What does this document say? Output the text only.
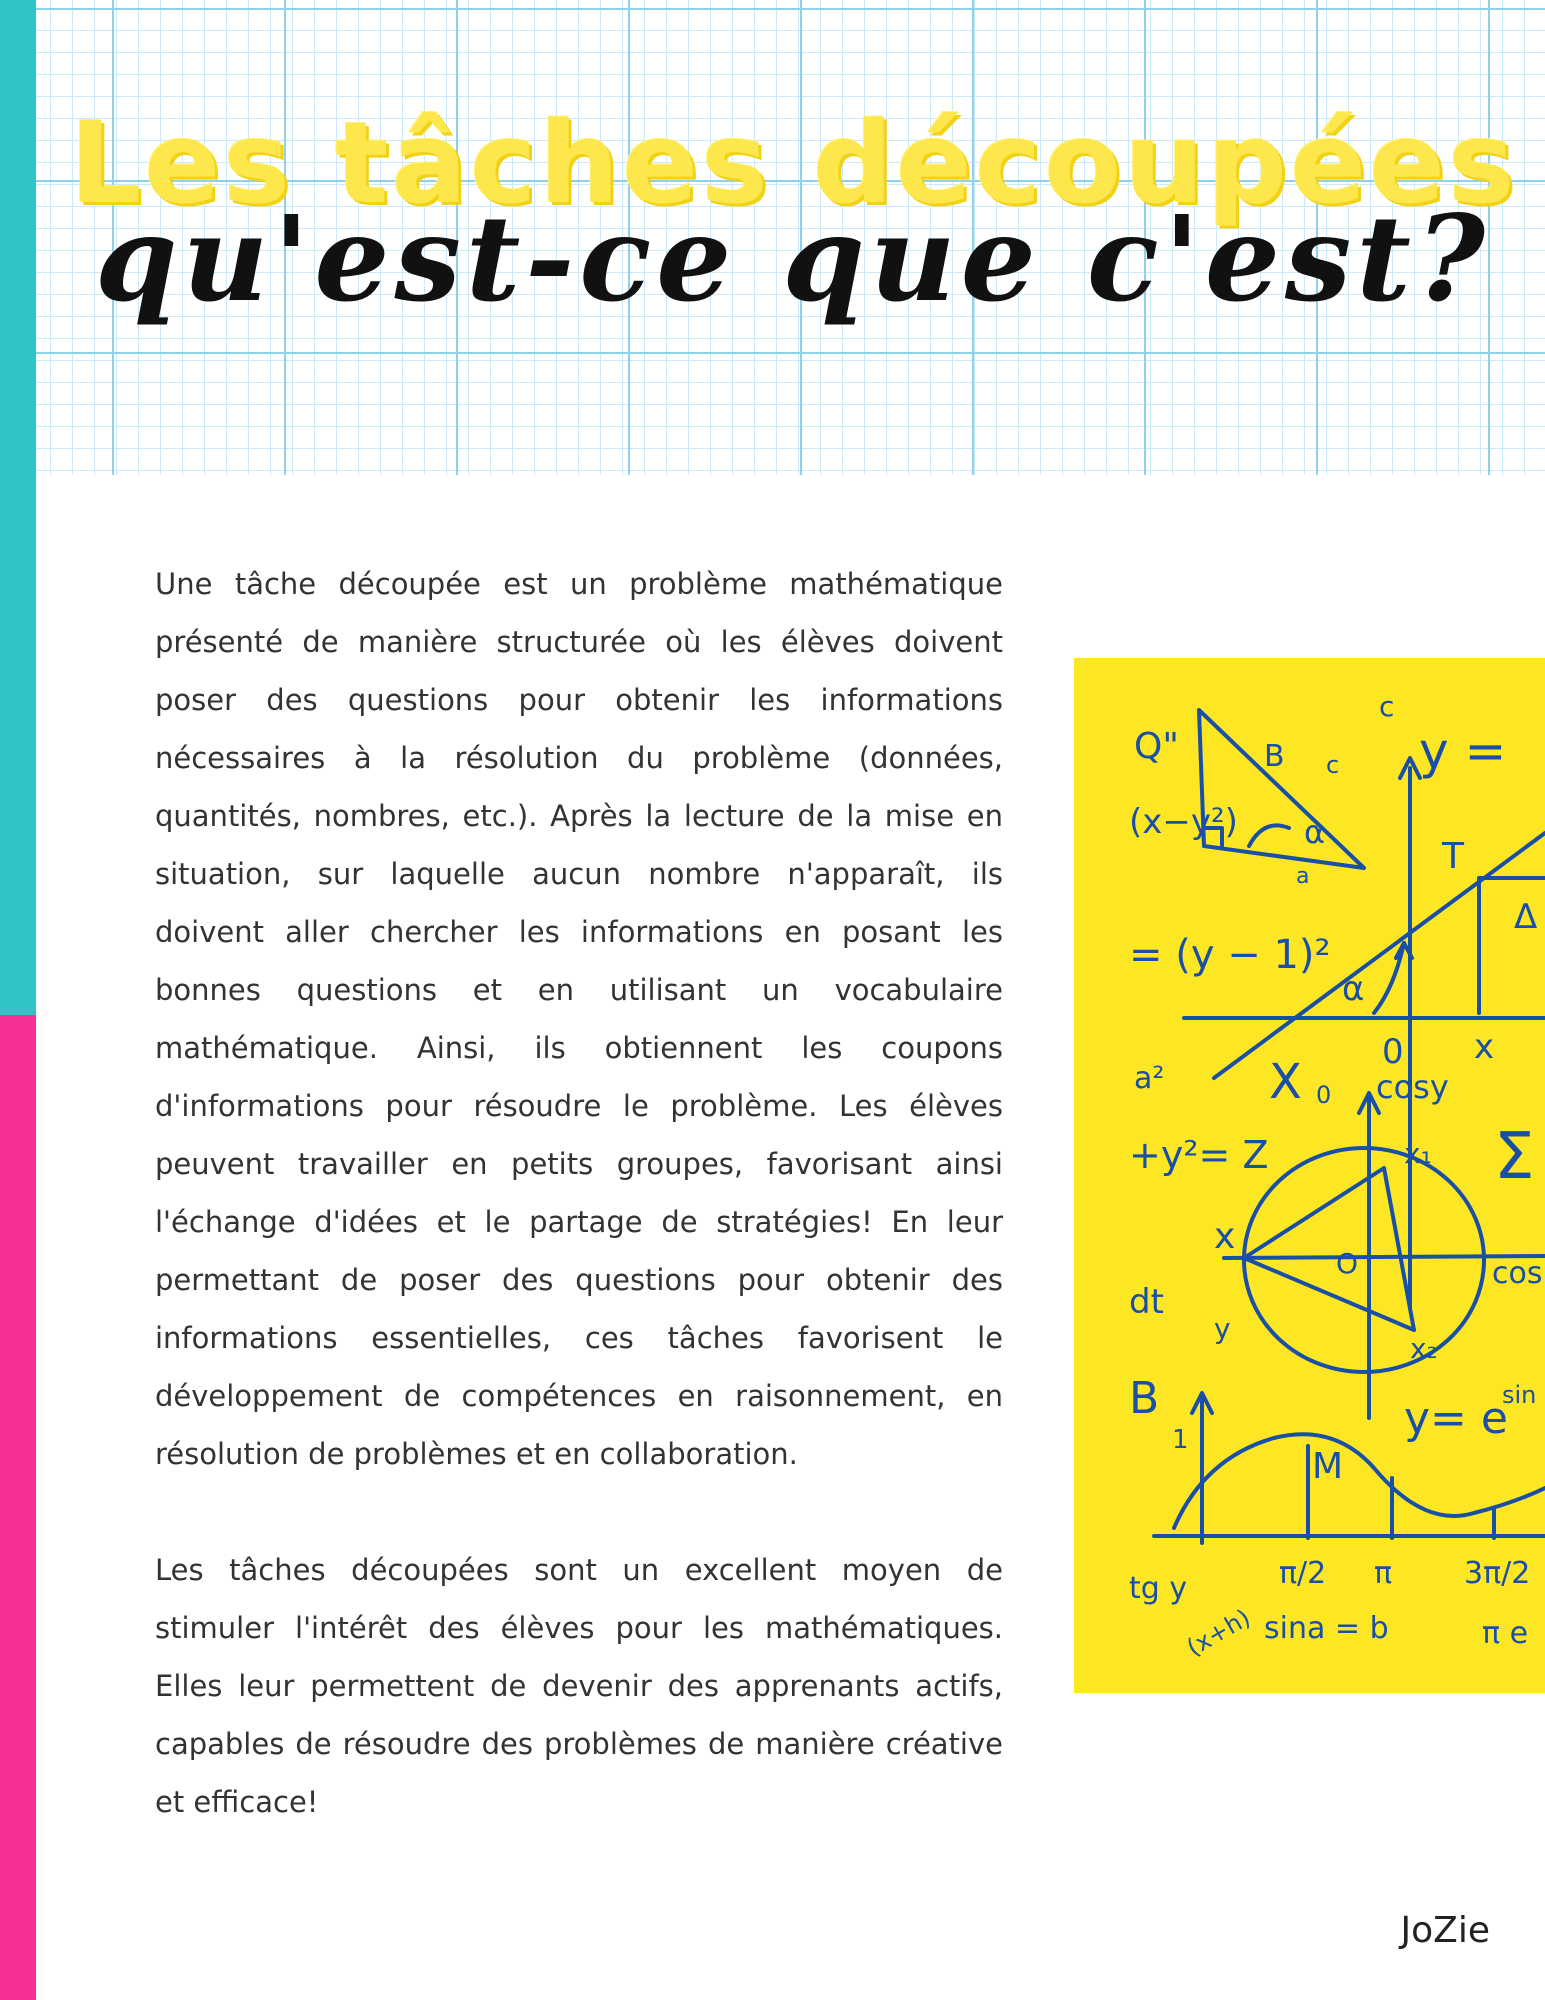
Les tâches découpées
qu'est-ce que c'est?

Une tâche découpée est un problème mathématique présenté de manière structurée où les élèves doivent poser des questions pour obtenir les informations nécessaires à la résolution du problème (données, quantités, nombres, etc.). Après la lecture de la mise en situation, sur laquelle aucun nombre n'apparaît, ils doivent aller chercher les informations en posant les bonnes questions et en utilisant un vocabulaire mathématique. Ainsi, ils obtiennent les coupons d'informations pour résoudre le problème. Les élèves peuvent travailler en petits groupes, favorisant ainsi l'échange d'idées et le partage de stratégies! En leur permettant de poser des questions pour obtenir des informations essentielles, ces tâches favorisent le développement de compétences en raisonnement, en résolution de problèmes et en collaboration.

Les tâches découpées sont un excellent moyen de stimuler l'intérêt des élèves pour les mathématiques. Elles leur permettent de devenir des apprenants actifs, capables de résoudre des problèmes de manière créative et efficace!

Q"
c
y =
(x−y²)
B c
α
a	T
Δ
= (y − 1)²
α
X 0
0 x
a²	cosy
+y²= Z	Σ
x₁
x
O	cos
dt
y
x₂
B
1
M
y= e
sin
π/2 π 3π/2
tg y
(x+h) sina = b	π e
JoZie
